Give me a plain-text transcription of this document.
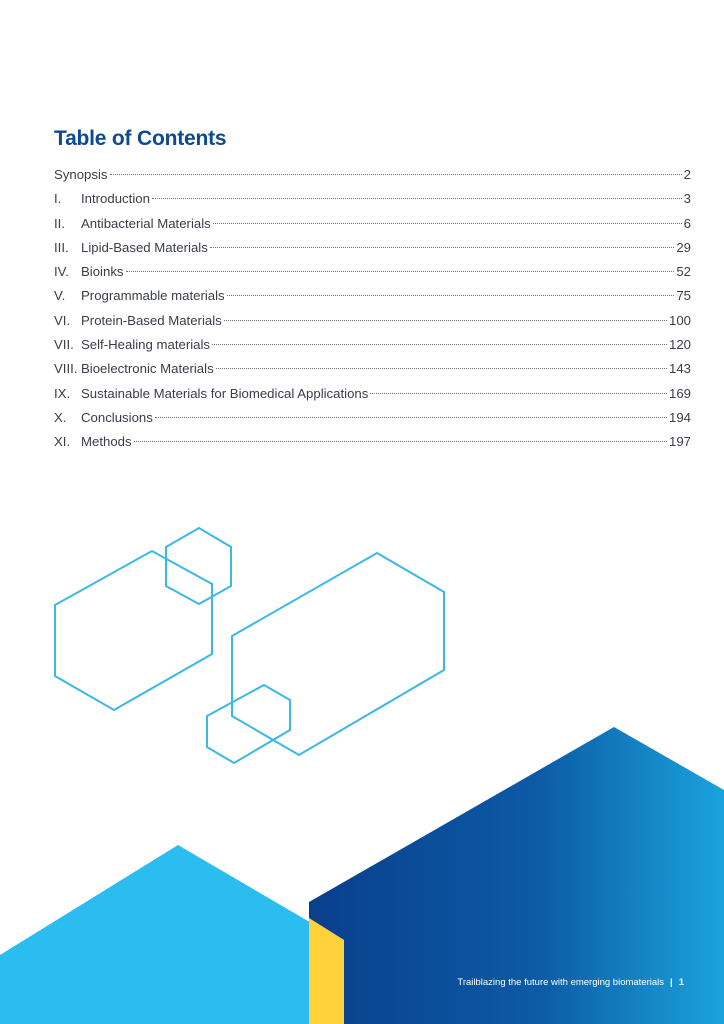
Table of Contents
Synopsis	2
I.	Introduction	3
II.	Antibacterial Materials	6
III. Lipid-Based Materials	29
IV. Bioinks	52
V.	Programmable materials	75
VI. Protein-Based Materials	100
VII. Self-Healing materials	120
VIII. Bioelectronic Materials	143
IX. Sustainable Materials for Biomedical Applications	169
X.	Conclusions	194
XI. Methods	197
Trailblazing the future with emerging biomaterials | 1
